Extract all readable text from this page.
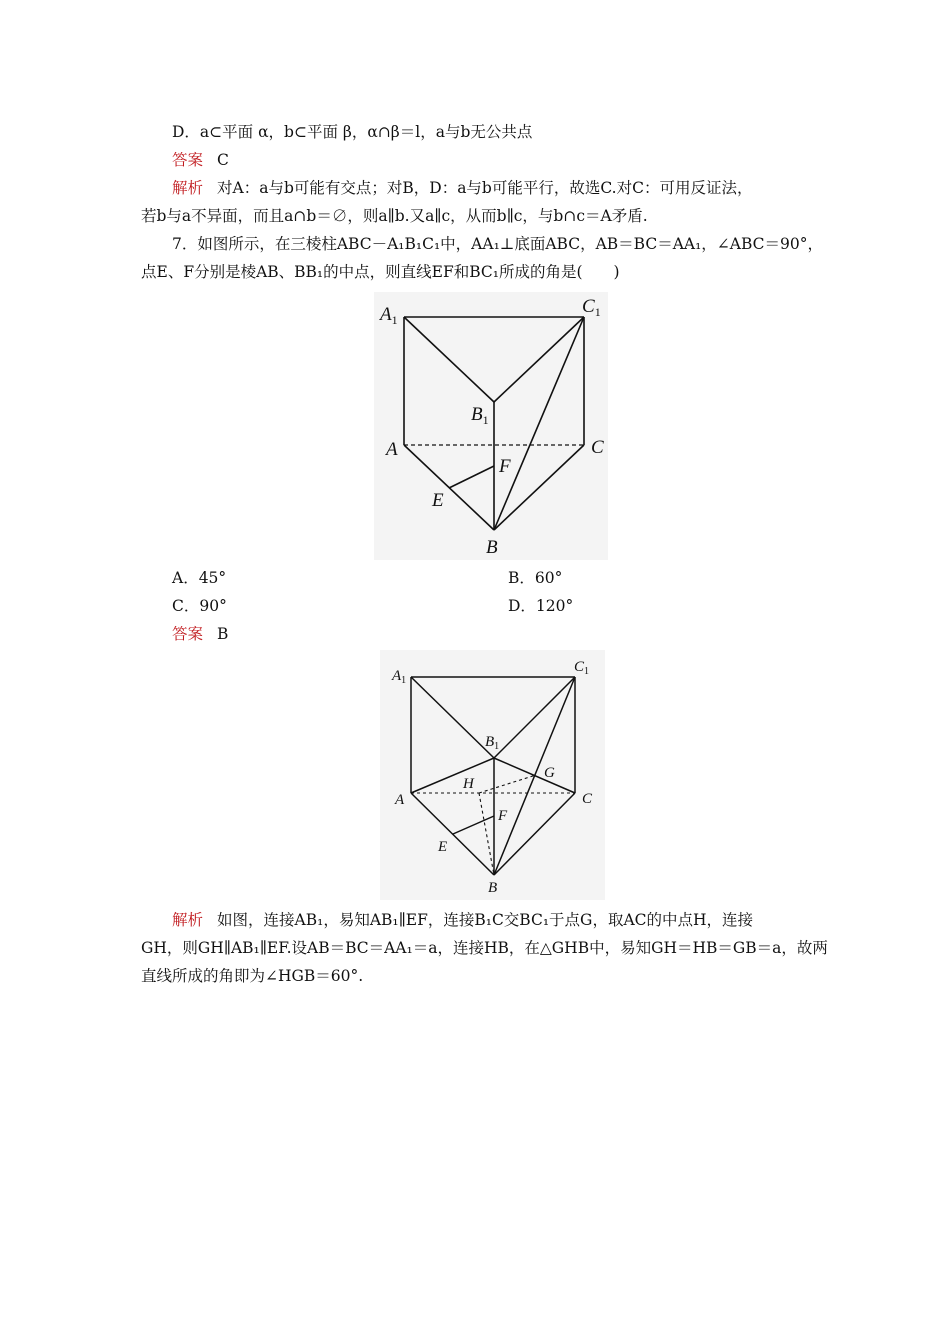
D．a⊂平面 α，b⊂平面 β，α∩β＝l，a与b无公共点
答案 C
解析 对A：a与b可能有交点；对B，D：a与b可能平行，故选C.对C：可用反证法，
若b与a不异面，而且a∩b＝∅，则a∥b.又a∥c，从而b∥c，与b∩c＝A矛盾.
7．如图所示，在三棱柱ABC－A₁B₁C₁中，AA₁⊥底面ABC，AB＝BC＝AA₁，∠ABC＝90°，
点E、F分别是棱AB、BB₁的中点，则直线EF和BC₁所成的角是(　　)
$A_1$
$C_1$
$B_1$
A	C
F
E
B
A．45°	B．60°
C．90°	D．120°
答案 B
$A_1$
$C_1$
$B_1$
H
G
A	C
F
E
B
解析 如图，连接AB₁，易知AB₁∥EF，连接B₁C交BC₁于点G，取AC的中点H，连接
GH，则GH∥AB₁∥EF.设AB＝BC＝AA₁＝a，连接HB，在△GHB中，易知GH＝HB＝GB＝a，故两
直线所成的角即为∠HGB＝60°.
